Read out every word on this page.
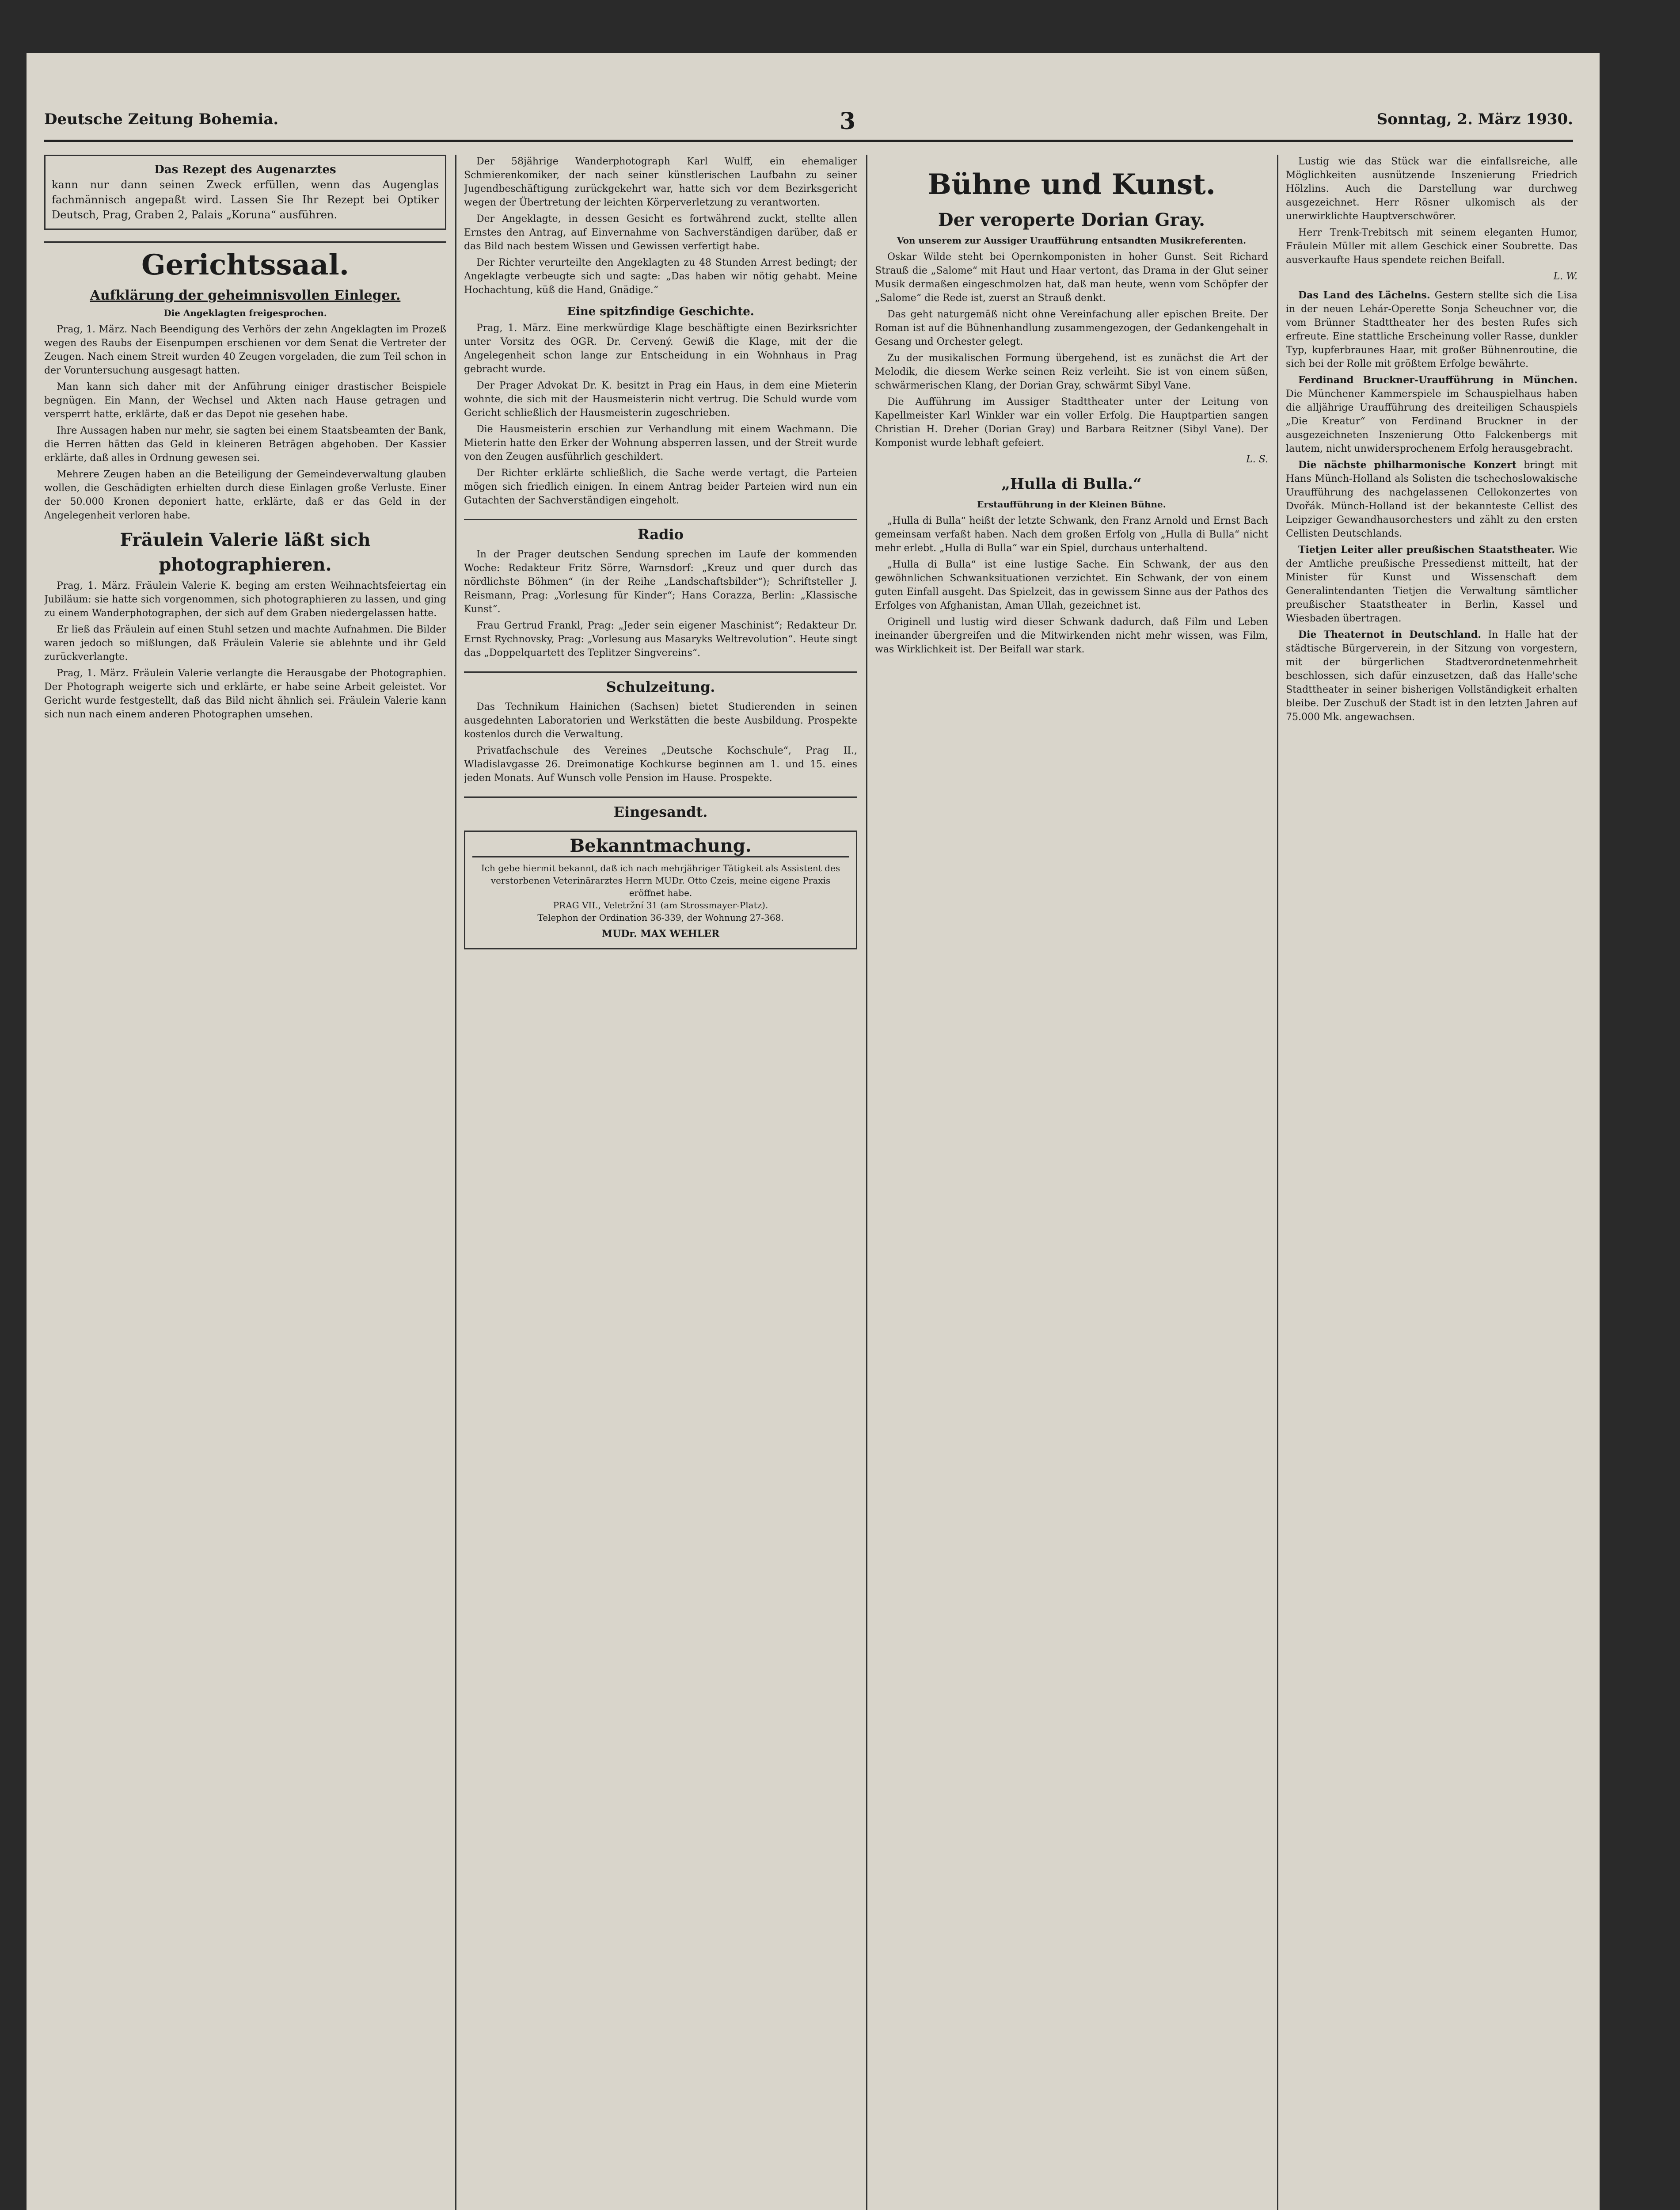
Deutsche Zeitung Bohemia.	3	Sonntag, 2. März 1930.
Das Rezept des Augenarztes
kann nur dann seinen Zweck erfüllen, wenn das Augenglas fachmännisch angepaßt wird. Lassen Sie Ihr Rezept bei Optiker Deutsch, Prag, Graben 2, Palais „Koruna“ ausführen.
Gerichtssaal.
Aufklärung der geheimnisvollen Einleger.
Die Angeklagten freigesprochen.

Prag, 1. März. Nach Beendigung des Verhörs der zehn Angeklagten im Prozeß wegen des Raubs der Eisenpumpen erschienen vor dem Senat die Vertreter der Zeugen. Nach einem Streit wurden 40 Zeugen vorgeladen, die zum Teil schon in der Voruntersuchung ausgesagt hatten.

Man kann sich daher mit der Anführung einiger drastischer Beispiele begnügen. Ein Mann, der Wechsel und Akten nach Hause getragen und versperrt hatte, erklärte, daß er das Depot nie gesehen habe.

Ihre Aussagen haben nur mehr, sie sagten bei einem Staatsbeamten der Bank, die Herren hätten das Geld in kleineren Beträgen abgehoben. Der Kassier erklärte, daß alles in Ordnung gewesen sei.

Mehrere Zeugen haben an die Beteiligung der Gemeindeverwaltung glauben wollen, die Geschädigten erhielten durch diese Einlagen große Verluste. Einer der 50.000 Kronen deponiert hatte, erklärte, daß er das Geld in der Angelegenheit verloren habe.

Fräulein Valerie läßt sich photographieren.

Prag, 1. März. Fräulein Valerie K. beging am ersten Weihnachtsfeiertag ein Jubiläum: sie hatte sich vorgenommen, sich photographieren zu lassen, und ging zu einem Wanderphotographen, der sich auf dem Graben niedergelassen hatte.

Er ließ das Fräulein auf einen Stuhl setzen und machte Aufnahmen. Die Bilder waren jedoch so mißlungen, daß Fräulein Valerie sie ablehnte und ihr Geld zurückverlangte.

Prag, 1. März. Fräulein Valerie verlangte die Herausgabe der Photographien. Der Photograph weigerte sich und erklärte, er habe seine Arbeit geleistet. Vor Gericht wurde festgestellt, daß das Bild nicht ähnlich sei. Fräulein Valerie kann sich nun nach einem anderen Photographen umsehen.

Der 58jährige Wanderphotograph Karl Wulff, ein ehemaliger Schmierenkomiker, der nach seiner künstlerischen Laufbahn zu seiner Jugendbeschäftigung zurückgekehrt war, hatte sich vor dem Bezirksgericht wegen der Übertretung der leichten Körperverletzung zu verantworten.

Der Angeklagte, in dessen Gesicht es fortwährend zuckt, stellte allen Ernstes den Antrag, auf Einvernahme von Sachverständigen darüber, daß er das Bild nach bestem Wissen und Gewissen verfertigt habe.

Der Richter verurteilte den Angeklagten zu 48 Stunden Arrest bedingt; der Angeklagte verbeugte sich und sagte: „Das haben wir nötig gehabt. Meine Hochachtung, küß die Hand, Gnädige.“

Eine spitzfindige Geschichte.

Prag, 1. März. Eine merkwürdige Klage beschäftigte einen Bezirksrichter unter Vorsitz des OGR. Dr. Cervený. Gewiß die Klage, mit der die Angelegenheit schon lange zur Entscheidung in ein Wohnhaus in Prag gebracht wurde.

Der Prager Advokat Dr. K. besitzt in Prag ein Haus, in dem eine Mieterin wohnte, die sich mit der Hausmeisterin nicht vertrug. Die Schuld wurde vom Gericht schließlich der Hausmeisterin zugeschrieben.

Die Hausmeisterin erschien zur Verhandlung mit einem Wachmann. Die Mieterin hatte den Erker der Wohnung absperren lassen, und der Streit wurde von den Zeugen ausführlich geschildert.

Der Richter erklärte schließlich, die Sache werde vertagt, die Parteien mögen sich friedlich einigen. In einem Antrag beider Parteien wird nun ein Gutachten der Sachverständigen eingeholt.

Radio

In der Prager deutschen Sendung sprechen im Laufe der kommenden Woche: Redakteur Fritz Sörre, Warnsdorf: „Kreuz und quer durch das nördlichste Böhmen“ (in der Reihe „Landschaftsbilder“); Schriftsteller J. Reismann, Prag: „Vorlesung für Kinder“; Hans Corazza, Berlin: „Klassische Kunst“.

Frau Gertrud Frankl, Prag: „Jeder sein eigener Maschinist“; Redakteur Dr. Ernst Rychnovsky, Prag: „Vorlesung aus Masaryks Weltrevolution“. Heute singt das „Doppelquartett des Teplitzer Singvereins“.

Schulzeitung.

Das Technikum Hainichen (Sachsen) bietet Studierenden in seinen ausgedehnten Laboratorien und Werkstätten die beste Ausbildung. Prospekte kostenlos durch die Verwaltung.

Privatfachschule des Vereines „Deutsche Kochschule“, Prag II., Wladislavgasse 26. Dreimonatige Kochkurse beginnen am 1. und 15. eines jeden Monats. Auf Wunsch volle Pension im Hause. Prospekte.

Eingesandt.
Bekanntmachung.
Ich gebe hiermit bekannt, daß ich nach mehrjähriger Tätigkeit als Assistent des verstorbenen Veterinärarztes Herrn MUDr. Otto Czeis, meine eigene Praxis eröffnet habe.
PRAG VII., Veletržní 31 (am Strossmayer-Platz).
Telephon der Ordination 36-339, der Wohnung 27-368.
MUDr. MAX WEHLER
Bühne und Kunst.
Der veroperte Dorian Gray.
Von unserem zur Aussiger Uraufführung entsandten Musikreferenten.

Oskar Wilde steht bei Opernkomponisten in hoher Gunst. Seit Richard Strauß die „Salome“ mit Haut und Haar vertont, das Drama in der Glut seiner Musik dermaßen eingeschmolzen hat, daß man heute, wenn vom Schöpfer der „Salome“ die Rede ist, zuerst an Strauß denkt.

Das geht naturgemäß nicht ohne Vereinfachung aller epischen Breite. Der Roman ist auf die Bühnenhandlung zusammengezogen, der Gedankengehalt in Gesang und Orchester gelegt.

Zu der musikalischen Formung übergehend, ist es zunächst die Art der Melodik, die diesem Werke seinen Reiz verleiht. Sie ist von einem süßen, schwärmerischen Klang, der Dorian Gray, schwärmt Sibyl Vane.

Die Aufführung im Aussiger Stadttheater unter der Leitung von Kapellmeister Karl Winkler war ein voller Erfolg. Die Hauptpartien sangen Christian H. Dreher (Dorian Gray) und Barbara Reitzner (Sibyl Vane). Der Komponist wurde lebhaft gefeiert.

L. S.
„Hulla di Bulla.“
Erstaufführung in der Kleinen Bühne.

„Hulla di Bulla“ heißt der letzte Schwank, den Franz Arnold und Ernst Bach gemeinsam verfaßt haben. Nach dem großen Erfolg von „Hulla di Bulla“ nicht mehr erlebt. „Hulla di Bulla“ war ein Spiel, durchaus unterhaltend.

„Hulla di Bulla“ ist eine lustige Sache. Ein Schwank, der aus den gewöhnlichen Schwanksituationen verzichtet. Ein Schwank, der von einem guten Einfall ausgeht. Das Spielzeit, das in gewissem Sinne aus der Pathos des Erfolges von Afghanistan, Aman Ullah, gezeichnet ist.

Originell und lustig wird dieser Schwank dadurch, daß Film und Leben ineinander übergreifen und die Mitwirkenden nicht mehr wissen, was Film, was Wirklichkeit ist. Der Beifall war stark.

Lustig wie das Stück war die einfallsreiche, alle Möglichkeiten ausnützende Inszenierung Friedrich Hölzlins. Auch die Darstellung war durchweg ausgezeichnet. Herr Rösner ulkomisch als der unerwirklichte Hauptverschwörer.

Herr Trenk-Trebitsch mit seinem eleganten Humor, Fräulein Müller mit allem Geschick einer Soubrette. Das ausverkaufte Haus spendete reichen Beifall.

L. W.

Das Land des Lächelns. Gestern stellte sich die Lisa in der neuen Lehár-Operette Sonja Scheuchner vor, die vom Brünner Stadttheater her des besten Rufes sich erfreute. Eine stattliche Erscheinung voller Rasse, dunkler Typ, kupferbraunes Haar, mit großer Bühnenroutine, die sich bei der Rolle mit größtem Erfolge bewährte.

Ferdinand Bruckner-Uraufführung in München. Die Münchener Kammerspiele im Schauspielhaus haben die alljährige Uraufführung des dreiteiligen Schauspiels „Die Kreatur“ von Ferdinand Bruckner in der ausgezeichneten Inszenierung Otto Falckenbergs mit lautem, nicht unwidersprochenem Erfolg herausgebracht.

Die nächste philharmonische Konzert bringt mit Hans Münch-Holland als Solisten die tschechoslowakische Uraufführung des nachgelassenen Cellokonzertes von Dvořák. Münch-Holland ist der bekannteste Cellist des Leipziger Gewandhausorchesters und zählt zu den ersten Cellisten Deutschlands.

Tietjen Leiter aller preußischen Staatstheater. Wie der Amtliche preußische Pressedienst mitteilt, hat der Minister für Kunst und Wissenschaft dem Generalintendanten Tietjen die Verwaltung sämtlicher preußischer Staatstheater in Berlin, Kassel und Wiesbaden übertragen.

Die Theaternot in Deutschland. In Halle hat der städtische Bürgerverein, in der Sitzung von vorgestern, mit der bürgerlichen Stadtverordnetenmehrheit beschlossen, sich dafür einzusetzen, daß das Halle'sche Stadttheater in seiner bisherigen Vollständigkeit erhalten bleibe. Der Zuschuß der Stadt ist in den letzten Jahren auf 75.000 Mk. angewachsen.
